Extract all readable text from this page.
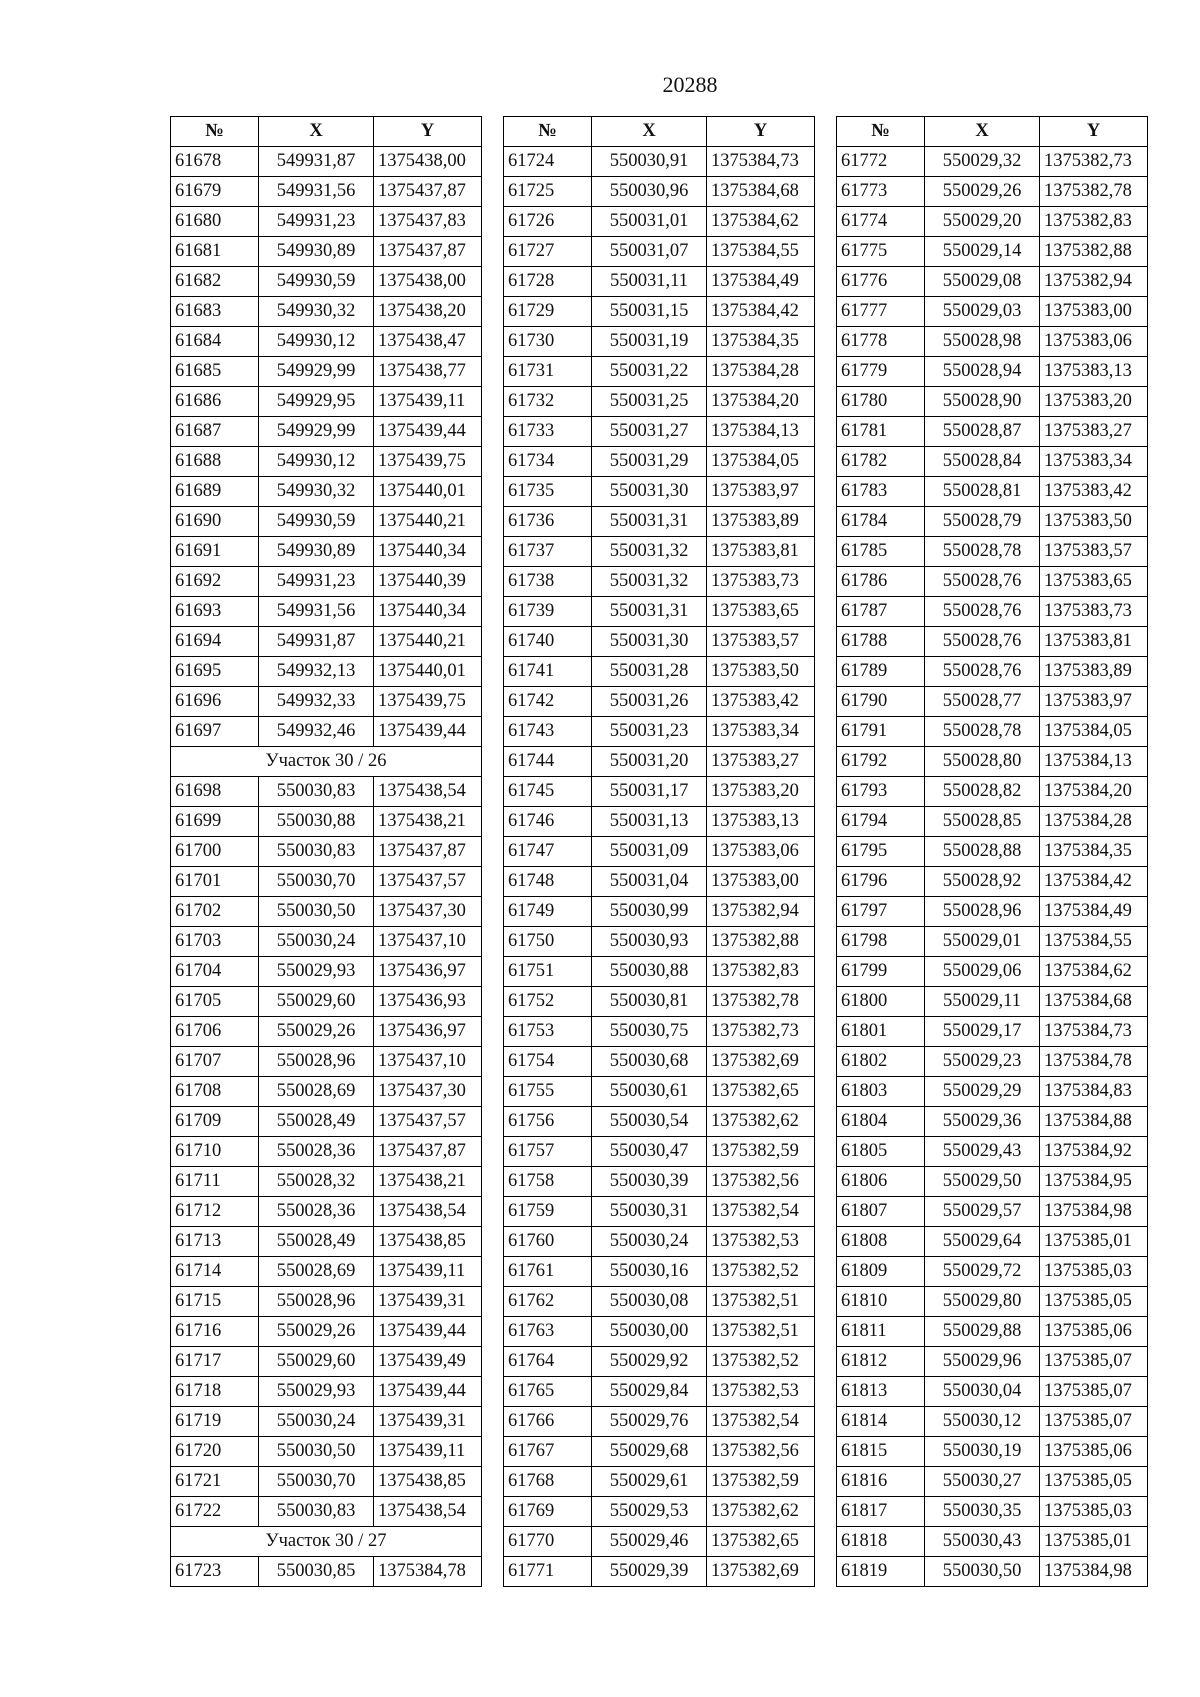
20288
№	X	Y
61678	549931,87	1375438,00
61679	549931,56	1375437,87
61680	549931,23	1375437,83
61681	549930,89	1375437,87
61682	549930,59	1375438,00
61683	549930,32	1375438,20
61684	549930,12	1375438,47
61685	549929,99	1375438,77
61686	549929,95	1375439,11
61687	549929,99	1375439,44
61688	549930,12	1375439,75
61689	549930,32	1375440,01
61690	549930,59	1375440,21
61691	549930,89	1375440,34
61692	549931,23	1375440,39
61693	549931,56	1375440,34
61694	549931,87	1375440,21
61695	549932,13	1375440,01
61696	549932,33	1375439,75
61697	549932,46	1375439,44
Участок 30 / 26		
61698	550030,83	1375438,54
61699	550030,88	1375438,21
61700	550030,83	1375437,87
61701	550030,70	1375437,57
61702	550030,50	1375437,30
61703	550030,24	1375437,10
61704	550029,93	1375436,97
61705	550029,60	1375436,93
61706	550029,26	1375436,97
61707	550028,96	1375437,10
61708	550028,69	1375437,30
61709	550028,49	1375437,57
61710	550028,36	1375437,87
61711	550028,32	1375438,21
61712	550028,36	1375438,54
61713	550028,49	1375438,85
61714	550028,69	1375439,11
61715	550028,96	1375439,31
61716	550029,26	1375439,44
61717	550029,60	1375439,49
61718	550029,93	1375439,44
61719	550030,24	1375439,31
61720	550030,50	1375439,11
61721	550030,70	1375438,85
61722	550030,83	1375438,54
Участок 30 / 27		
61723	550030,85	1375384,78
№	X	Y
61724	550030,91	1375384,73
61725	550030,96	1375384,68
61726	550031,01	1375384,62
61727	550031,07	1375384,55
61728	550031,11	1375384,49
61729	550031,15	1375384,42
61730	550031,19	1375384,35
61731	550031,22	1375384,28
61732	550031,25	1375384,20
61733	550031,27	1375384,13
61734	550031,29	1375384,05
61735	550031,30	1375383,97
61736	550031,31	1375383,89
61737	550031,32	1375383,81
61738	550031,32	1375383,73
61739	550031,31	1375383,65
61740	550031,30	1375383,57
61741	550031,28	1375383,50
61742	550031,26	1375383,42
61743	550031,23	1375383,34
61744	550031,20	1375383,27
61745	550031,17	1375383,20
61746	550031,13	1375383,13
61747	550031,09	1375383,06
61748	550031,04	1375383,00
61749	550030,99	1375382,94
61750	550030,93	1375382,88
61751	550030,88	1375382,83
61752	550030,81	1375382,78
61753	550030,75	1375382,73
61754	550030,68	1375382,69
61755	550030,61	1375382,65
61756	550030,54	1375382,62
61757	550030,47	1375382,59
61758	550030,39	1375382,56
61759	550030,31	1375382,54
61760	550030,24	1375382,53
61761	550030,16	1375382,52
61762	550030,08	1375382,51
61763	550030,00	1375382,51
61764	550029,92	1375382,52
61765	550029,84	1375382,53
61766	550029,76	1375382,54
61767	550029,68	1375382,56
61768	550029,61	1375382,59
61769	550029,53	1375382,62
61770	550029,46	1375382,65
61771	550029,39	1375382,69
№	X	Y
61772	550029,32	1375382,73
61773	550029,26	1375382,78
61774	550029,20	1375382,83
61775	550029,14	1375382,88
61776	550029,08	1375382,94
61777	550029,03	1375383,00
61778	550028,98	1375383,06
61779	550028,94	1375383,13
61780	550028,90	1375383,20
61781	550028,87	1375383,27
61782	550028,84	1375383,34
61783	550028,81	1375383,42
61784	550028,79	1375383,50
61785	550028,78	1375383,57
61786	550028,76	1375383,65
61787	550028,76	1375383,73
61788	550028,76	1375383,81
61789	550028,76	1375383,89
61790	550028,77	1375383,97
61791	550028,78	1375384,05
61792	550028,80	1375384,13
61793	550028,82	1375384,20
61794	550028,85	1375384,28
61795	550028,88	1375384,35
61796	550028,92	1375384,42
61797	550028,96	1375384,49
61798	550029,01	1375384,55
61799	550029,06	1375384,62
61800	550029,11	1375384,68
61801	550029,17	1375384,73
61802	550029,23	1375384,78
61803	550029,29	1375384,83
61804	550029,36	1375384,88
61805	550029,43	1375384,92
61806	550029,50	1375384,95
61807	550029,57	1375384,98
61808	550029,64	1375385,01
61809	550029,72	1375385,03
61810	550029,80	1375385,05
61811	550029,88	1375385,06
61812	550029,96	1375385,07
61813	550030,04	1375385,07
61814	550030,12	1375385,07
61815	550030,19	1375385,06
61816	550030,27	1375385,05
61817	550030,35	1375385,03
61818	550030,43	1375385,01
61819	550030,50	1375384,98
